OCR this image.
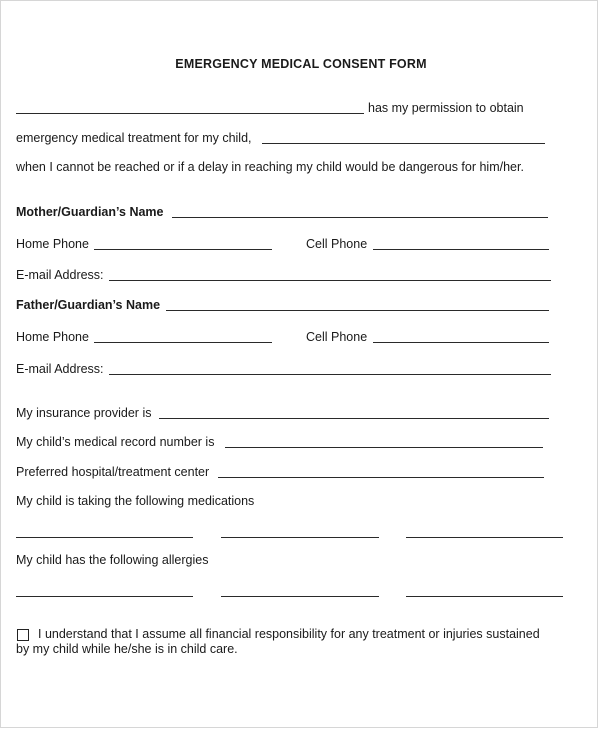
EMERGENCY MEDICAL CONSENT FORM
has my permission to obtain
emergency medical treatment for my child,
when I cannot be reached or if a delay in reaching my child would be dangerous for him/her.
Mother/Guardian’s Name
Home Phone	Cell Phone
E-mail Address:
Father/Guardian’s Name
Home Phone	Cell Phone
E-mail Address:
My insurance provider is
My child’s medical record number is
Preferred hospital/treatment center
My child is taking the following medications
My child has the following allergies
I understand that I assume all financial responsibility for any treatment or injuries sustained
by my child while he/she is in child care.
